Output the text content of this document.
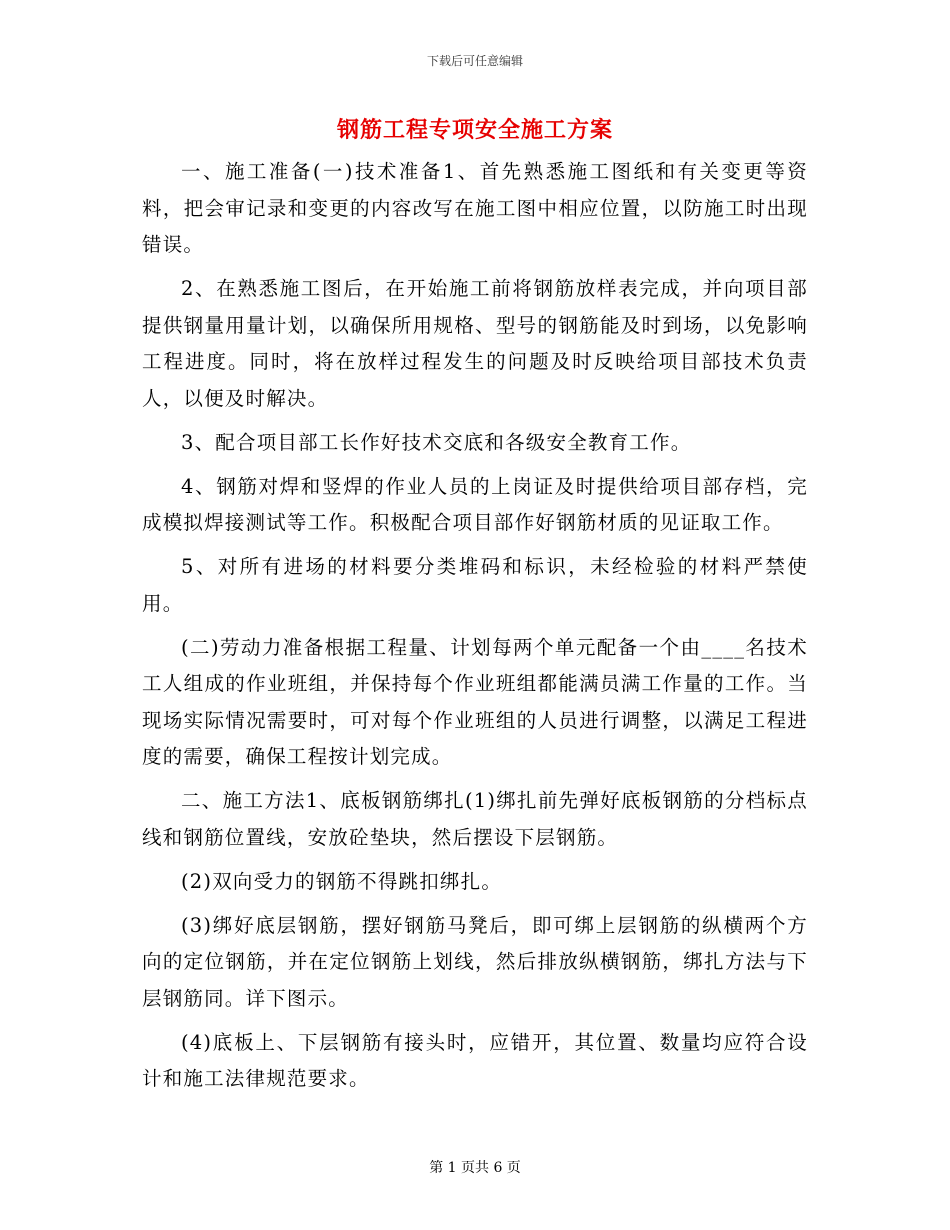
下载后可任意编辑
钢筋工程专项安全施工方案

一、施工准备(一)技术准备1、首先熟悉施工图纸和有关变更等资料，把会审记录和变更的内容改写在施工图中相应位置，以防施工时出现错误。

2、在熟悉施工图后，在开始施工前将钢筋放样表完成，并向项目部提供钢量用量计划，以确保所用规格、型号的钢筋能及时到场，以免影响工程进度。同时，将在放样过程发生的问题及时反映给项目部技术负责人，以便及时解决。

3、配合项目部工长作好技术交底和各级安全教育工作。

4、钢筋对焊和竖焊的作业人员的上岗证及时提供给项目部存档，完成模拟焊接测试等工作。积极配合项目部作好钢筋材质的见证取工作。

5、对所有进场的材料要分类堆码和标识，未经检验的材料严禁使用。

(二)劳动力准备根据工程量、计划每两个单元配备一个由____名技术工人组成的作业班组，并保持每个作业班组都能满员满工作量的工作。当现场实际情况需要时，可对每个作业班组的人员进行调整，以满足工程进度的需要，确保工程按计划完成。

二、施工方法1、底板钢筋绑扎(1)绑扎前先弹好底板钢筋的分档标点线和钢筋位置线，安放砼垫块，然后摆设下层钢筋。

(2)双向受力的钢筋不得跳扣绑扎。

(3)绑好底层钢筋，摆好钢筋马凳后，即可绑上层钢筋的纵横两个方向的定位钢筋，并在定位钢筋上划线，然后排放纵横钢筋，绑扎方法与下层钢筋同。详下图示。

(4)底板上、下层钢筋有接头时，应错开，其位置、数量均应符合设计和施工法律规范要求。

第 1 页共 6 页
